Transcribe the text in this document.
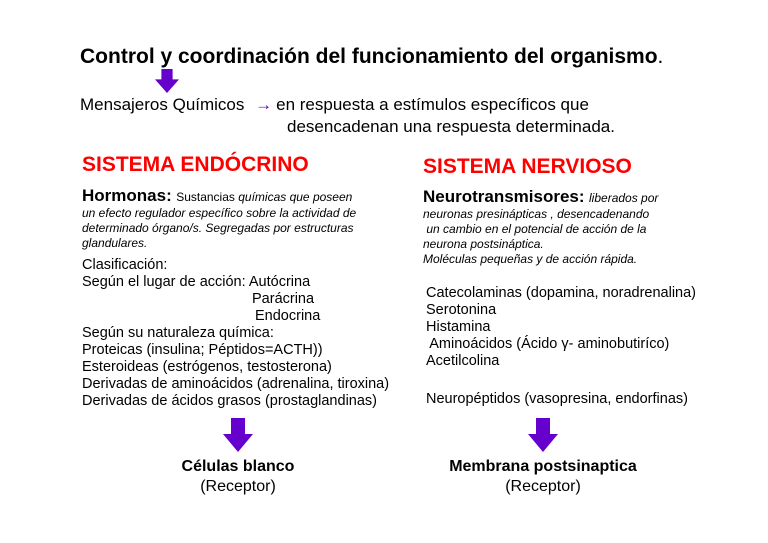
Control y coordinación del funcionamiento del organismo.
Mensajeros Químicos → en respuesta a estímulos específicos que
desencadenan una respuesta determinada.
SISTEMA ENDÓCRINO
Hormonas: Sustancias químicas que poseen
un efecto regulador específico sobre la actividad de
determinado órgano/s. Segregadas por estructuras
glandulares.
Clasificación:
Según el lugar de acción: Autócrina
Parácrina
Endocrina
Según su naturaleza química:
Proteicas (insulina; Péptidos=ACTH))
Esteroideas (estrógenos, testosterona)
Derivadas de aminoácidos (adrenalina, tiroxina)
Derivadas de ácidos grasos (prostaglandinas)
Células blanco
(Receptor)
SISTEMA NERVIOSO
Neurotransmisores: liberados por
neuronas presinápticas , desencadenando
un cambio en el potencial de acción de la
neurona postsináptica.
Moléculas pequeñas y de acción rápida.
Catecolaminas (dopamina, noradrenalina)
Serotonina
Histamina
Aminoácidos (Ácido γ- aminobutiríco)
Acetilcolina
Neuropéptidos (vasopresina, endorfinas)
Membrana postsinaptica
(Receptor)
